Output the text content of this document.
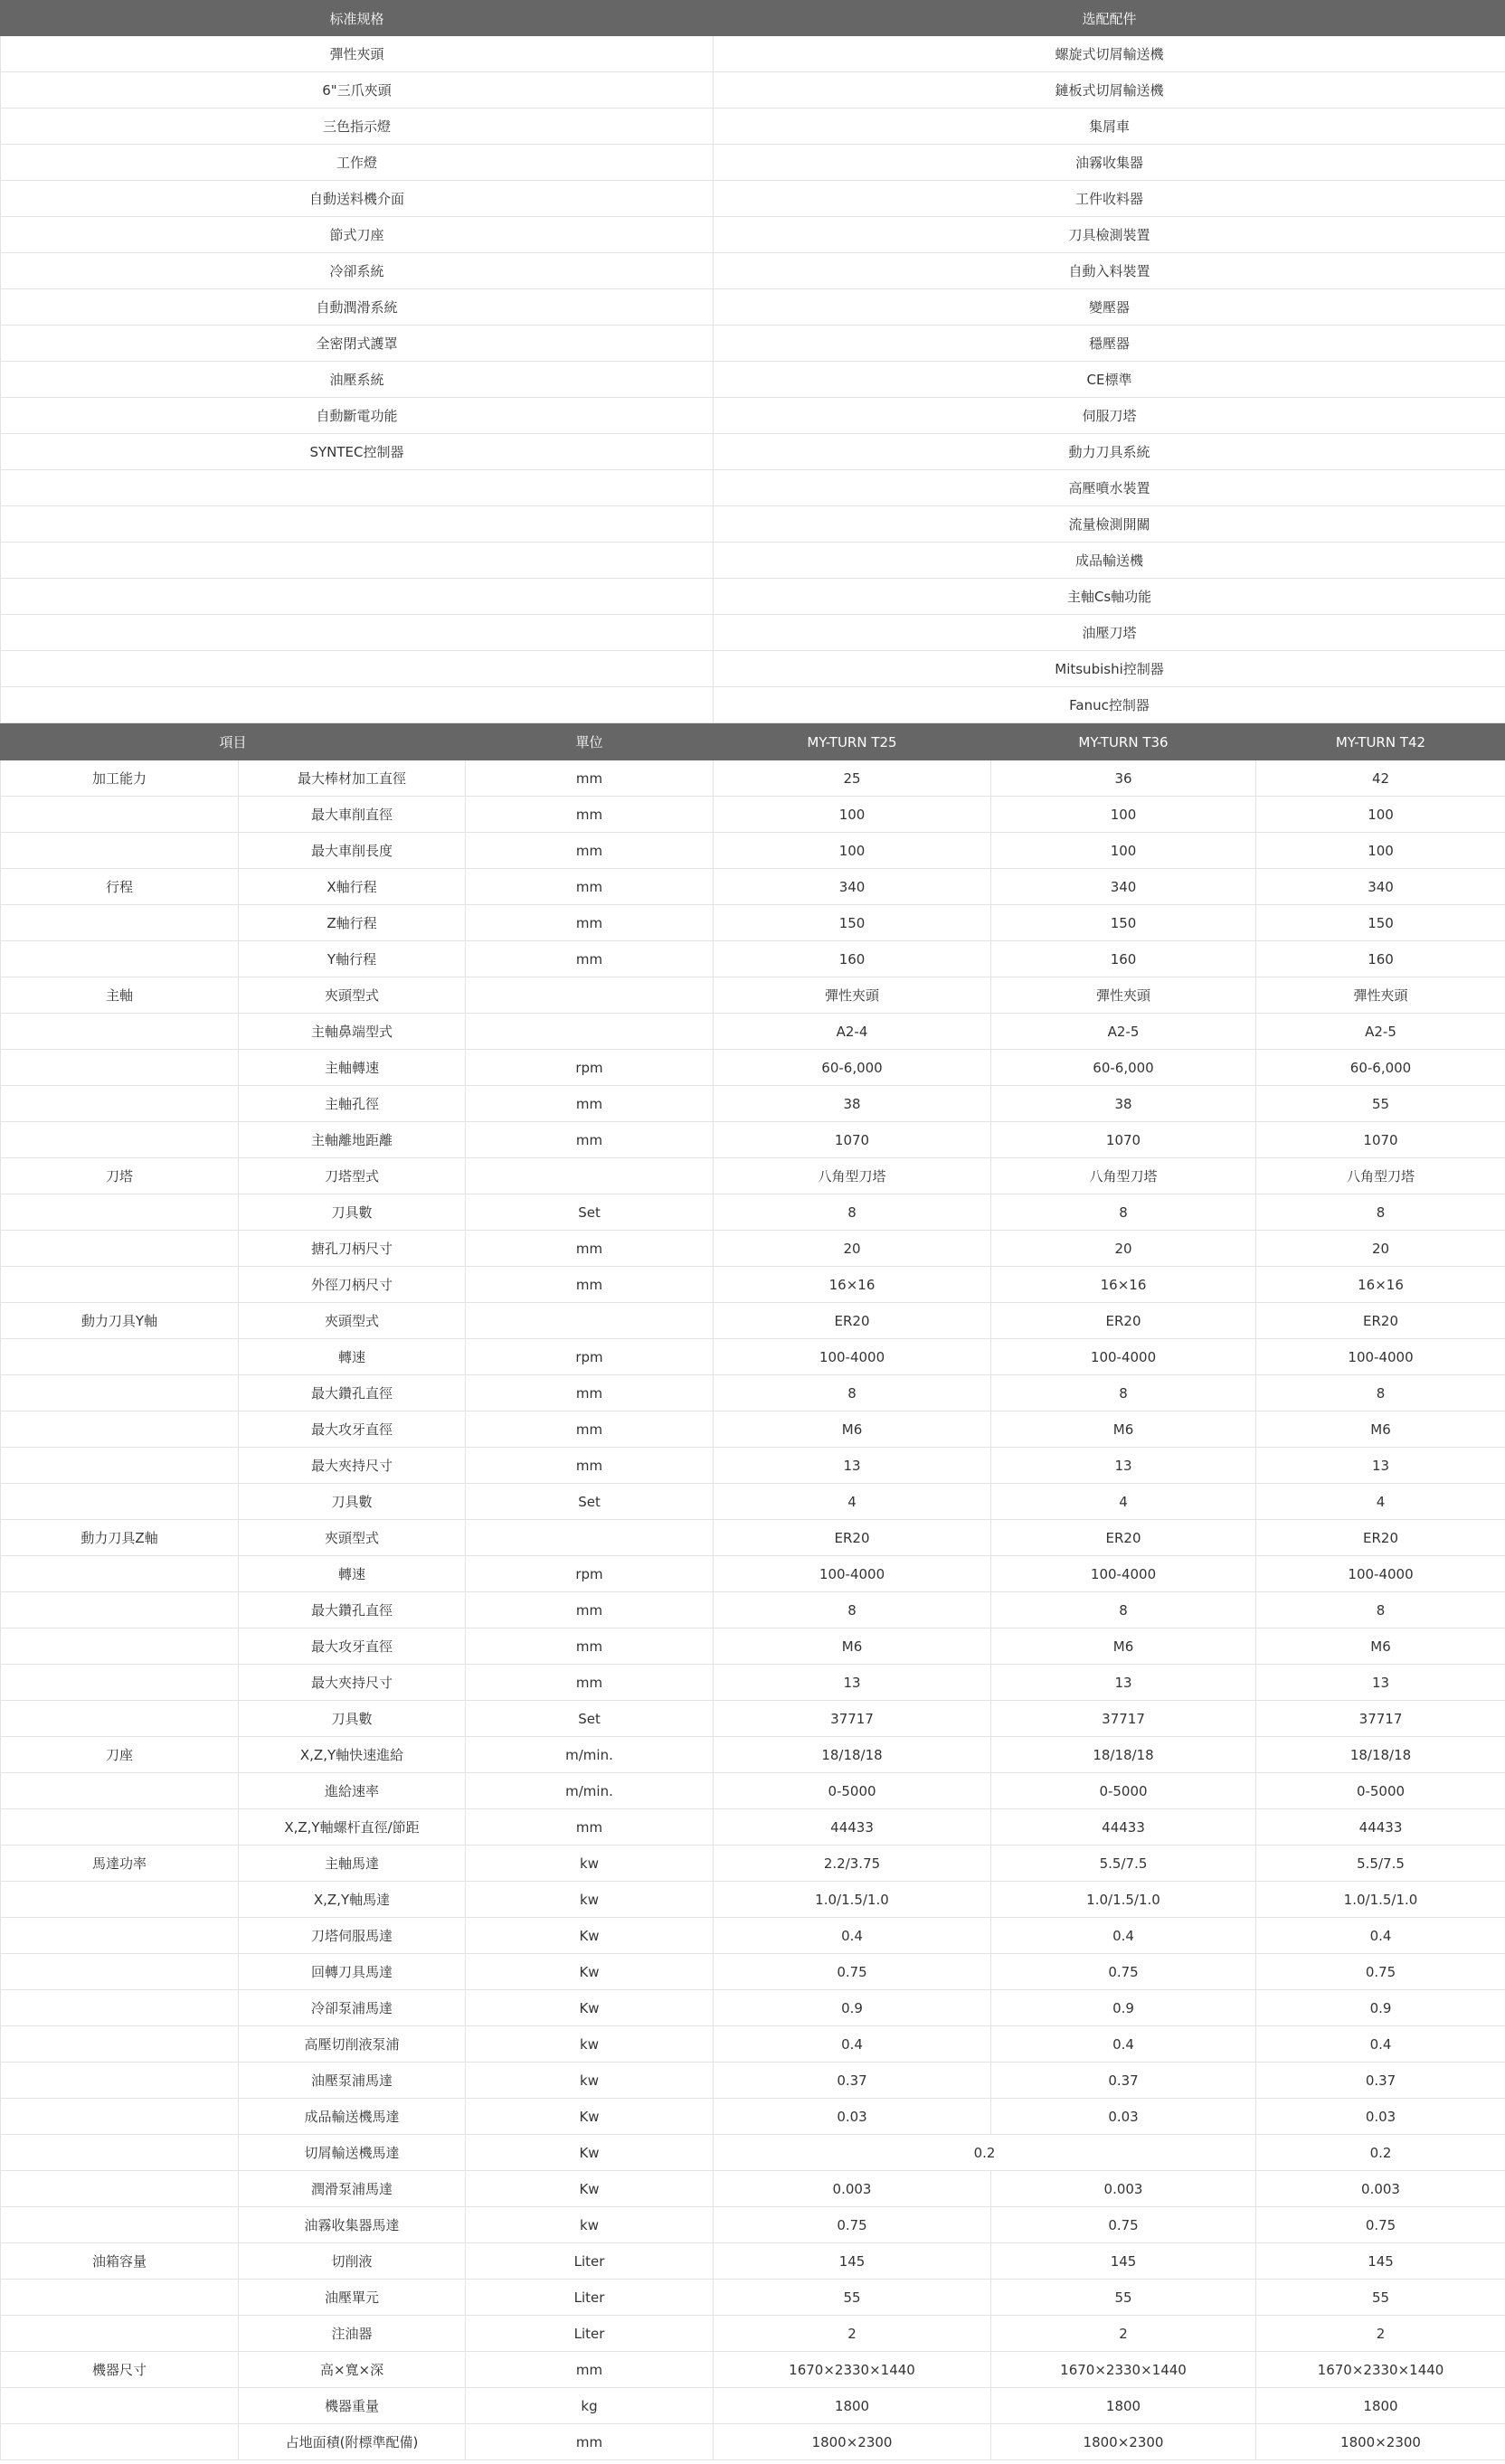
标准规格	选配配件
彈性夾頭	螺旋式切屑輸送機
6"三爪夾頭	鏈板式切屑輸送機
三色指示燈	集屑車
工作燈	油霧收集器
自動送料機介面	工件收料器
節式刀座	刀具檢測裝置
冷卻系統	自動入料裝置
自動潤滑系統	變壓器
全密閉式護罩	穩壓器
油壓系統	CE標準
自動斷電功能	伺服刀塔
SYNTEC控制器	動力刀具系統
	高壓噴水裝置
	流量檢測開關
	成品輸送機
	主軸Cs軸功能
	油壓刀塔
	Mitsubishi控制器
	Fanuc控制器
項目		單位	MY-TURN T25	MY-TURN T36	MY-TURN T42
加工能力	最大棒材加工直徑	mm	25	36	42
	最大車削直徑	mm	100	100	100
	最大車削長度	mm	100	100	100
行程	X軸行程	mm	340	340	340
	Z軸行程	mm	150	150	150
	Y軸行程	mm	160	160	160
主軸	夾頭型式		彈性夾頭	彈性夾頭	彈性夾頭
	主軸鼻端型式		A2-4	A2-5	A2-5
	主軸轉速	rpm	60-6,000	60-6,000	60-6,000
	主軸孔徑	mm	38	38	55
	主軸離地距離	mm	1070	1070	1070
刀塔	刀塔型式		八角型刀塔	八角型刀塔	八角型刀塔
	刀具數	Set	8	8	8
	搪孔刀柄尺寸	mm	20	20	20
	外徑刀柄尺寸	mm	16×16	16×16	16×16
動力刀具Y軸	夾頭型式		ER20	ER20	ER20
	轉速	rpm	100-4000	100-4000	100-4000
	最大鑽孔直徑	mm	8	8	8
	最大攻牙直徑	mm	M6	M6	M6
	最大夾持尺寸	mm	13	13	13
	刀具數	Set	4	4	4
動力刀具Z軸	夾頭型式		ER20	ER20	ER20
	轉速	rpm	100-4000	100-4000	100-4000
	最大鑽孔直徑	mm	8	8	8
	最大攻牙直徑	mm	M6	M6	M6
	最大夾持尺寸	mm	13	13	13
	刀具數	Set	37717	37717	37717
刀座	X,Z,Y軸快速進給	m/min.	18/18/18	18/18/18	18/18/18
	進給速率	m/min.	0-5000	0-5000	0-5000
	X,Z,Y軸螺杆直徑/節距	mm	44433	44433	44433
馬達功率	主軸馬達	kw	2.2/3.75	5.5/7.5	5.5/7.5
	X,Z,Y軸馬達	kw	1.0/1.5/1.0	1.0/1.5/1.0	1.0/1.5/1.0
	刀塔伺服馬達	Kw	0.4	0.4	0.4
	回轉刀具馬達	Kw	0.75	0.75	0.75
	冷卻泵浦馬達	Kw	0.9	0.9	0.9
	高壓切削液泵浦	kw	0.4	0.4	0.4
	油壓泵浦馬達	kw	0.37	0.37	0.37
	成品輸送機馬達	Kw	0.03	0.03	0.03
	切屑輸送機馬達	Kw	0.2		0.2
	潤滑泵浦馬達	Kw	0.003	0.003	0.003
	油霧收集器馬達	kw	0.75	0.75	0.75
油箱容量	切削液	Liter	145	145	145
	油壓單元	Liter	55	55	55
	注油器	Liter	2	2	2
機器尺寸	高×寬×深	mm	1670×2330×1440	1670×2330×1440	1670×2330×1440
	機器重量	kg	1800	1800	1800
	占地面積(附標準配備)	mm	1800×2300	1800×2300	1800×2300
